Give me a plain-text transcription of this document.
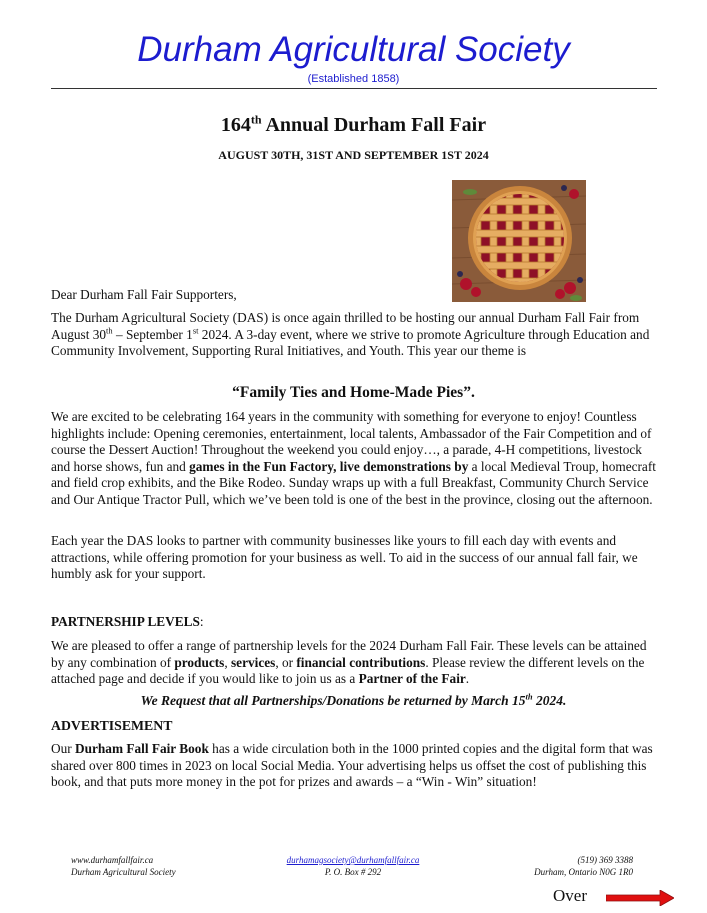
Durham Agricultural Society
(Established 1858)
164th Annual Durham Fall Fair
AUGUST 30TH, 31ST AND SEPTEMBER 1ST 2024
Dear Durham Fall Fair Supporters,

The Durham Agricultural Society (DAS) is once again thrilled to be hosting our annual Durham Fall Fair from August 30th – September 1st 2024. A 3-day event, where we strive to promote Agriculture through Education and Community Involvement, Supporting Rural Initiatives, and Youth. This year our theme is

“Family Ties and Home-Made Pies”.

We are excited to be celebrating 164 years in the community with something for everyone to enjoy! Countless highlights include: Opening ceremonies, entertainment, local talents, Ambassador of the Fair Competition and of course the Dessert Auction! Throughout the weekend you could enjoy…, a parade, 4-H competitions, livestock and horse shows, fun and games in the Fun Factory, live demonstrations by a local Medieval Troup, homecraft and field crop exhibits, and the Bike Rodeo. Sunday wraps up with a full Breakfast, Community Church Service and Our Antique Tractor Pull, which we’ve been told is one of the best in the province, closing out the afternoon.

Each year the DAS looks to partner with community businesses like yours to fill each day with events and attractions, while offering promotion for your business as well. To aid in the success of our annual fall fair, we humbly ask for your support.
PARTNERSHIP LEVELS:

We are pleased to offer a range of partnership levels for the 2024 Durham Fall Fair. These levels can be attained by any combination of products, services, or financial contributions. Please review the different levels on the attached page and decide if you would like to join us as a Partner of the Fair.

We Request that all Partnerships/Donations be returned by March 15th 2024.
ADVERTISEMENT

Our Durham Fall Fair Book has a wide circulation both in the 1000 printed copies and the digital form that was shared over 800 times in 2023 on local Social Media. Your advertising helps us offset the cost of publishing this book, and that puts more money in the pot for prizes and awards – a “Win - Win” situation!

www.durhamfallfair.ca
Durham Agricultural Society
durhamagsociety@durhamfallfair.ca
P. O. Box # 292
(519) 369 3388
Durham, Ontario N0G 1R0
Over
